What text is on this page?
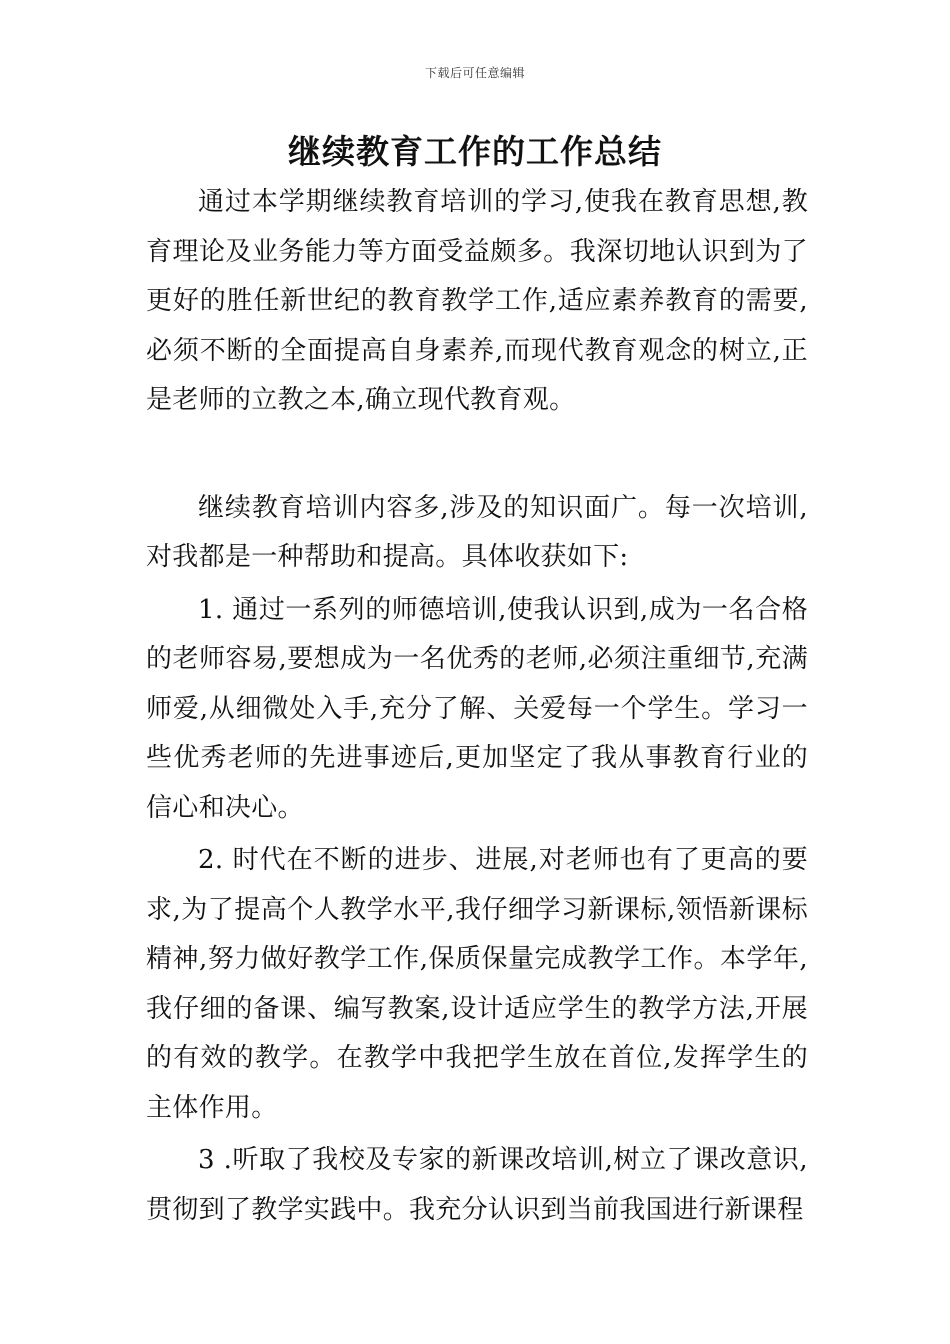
下载后可任意编辑
继续教育工作的工作总结

通过本学期继续教育培训的学习,使我在教育思想,教育理论及业务能力等方面受益颇多。我深切地认识到为了更好的胜任新世纪的教育教学工作,适应素养教育的需要,必须不断的全面提高自身素养,而现代教育观念的树立,正是老师的立教之本,确立现代教育观。

继续教育培训内容多,涉及的知识面广。每一次培训,对我都是一种帮助和提高。具体收获如下:

1. 通过一系列的师德培训,使我认识到,成为一名合格的老师容易,要想成为一名优秀的老师,必须注重细节,充满师爱,从细微处入手,充分了解、关爱每一个学生。学习一些优秀老师的先进事迹后,更加坚定了我从事教育行业的信心和决心。

2. 时代在不断的进步、进展,对老师也有了更高的要求,为了提高个人教学水平,我仔细学习新课标,领悟新课标精神,努力做好教学工作,保质保量完成教学工作。本学年,我仔细的备课、编写教案,设计适应学生的教学方法,开展的有效的教学。在教学中我把学生放在首位,发挥学生的主体作用。

3 .听取了我校及专家的新课改培训,树立了课改意识,贯彻到了教学实践中。我充分认识到当前我国进行新课程
